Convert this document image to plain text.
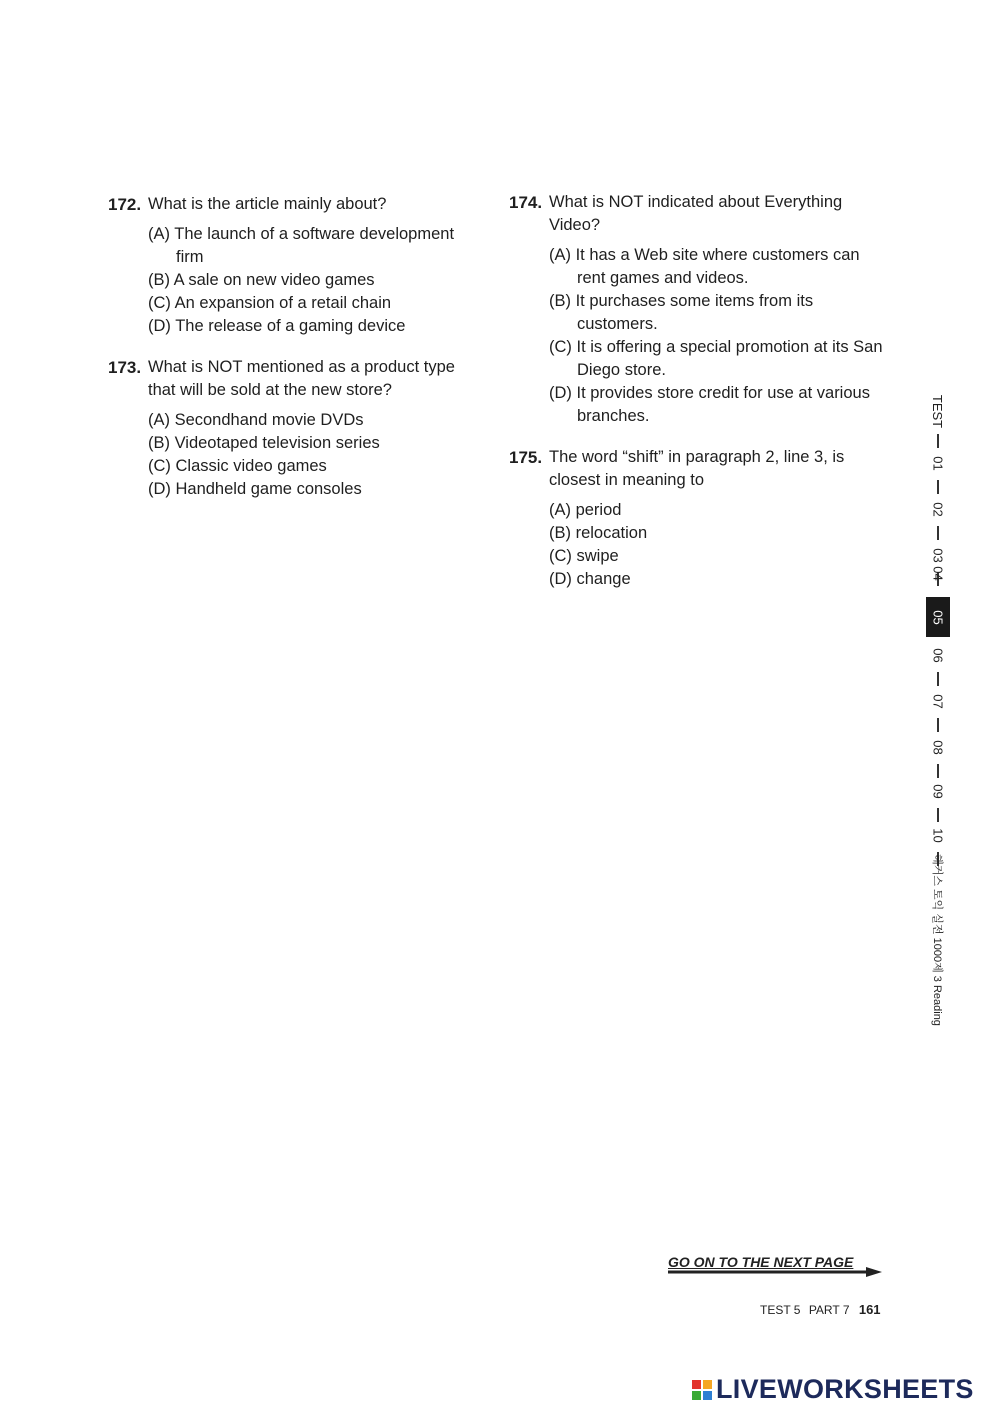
172. What is the article mainly about?
(A) The launch of a software development firm
(B) A sale on new video games
(C) An expansion of a retail chain
(D) The release of a gaming device
173. What is NOT mentioned as a product type that will be sold at the new store?
(A) Secondhand movie DVDs
(B) Videotaped television series
(C) Classic video games
(D) Handheld game consoles
174. What is NOT indicated about Everything Video?
(A) It has a Web site where customers can rent games and videos.
(B) It purchases some items from its customers.
(C) It is offering a special promotion at its San Diego store.
(D) It provides store credit for use at various branches.
175. The word “shift” in paragraph 2, line 3, is closest in meaning to
(A) period
(B) relocation
(C) swipe
(D) change
TEST
01
02
03
04
05
06
07
08
09
10
해커스 토익 실전 1000제 3 Reading
GO ON TO THE NEXT PAGE
TEST 5 PART 7 161
LIVEWORKSHEETS
